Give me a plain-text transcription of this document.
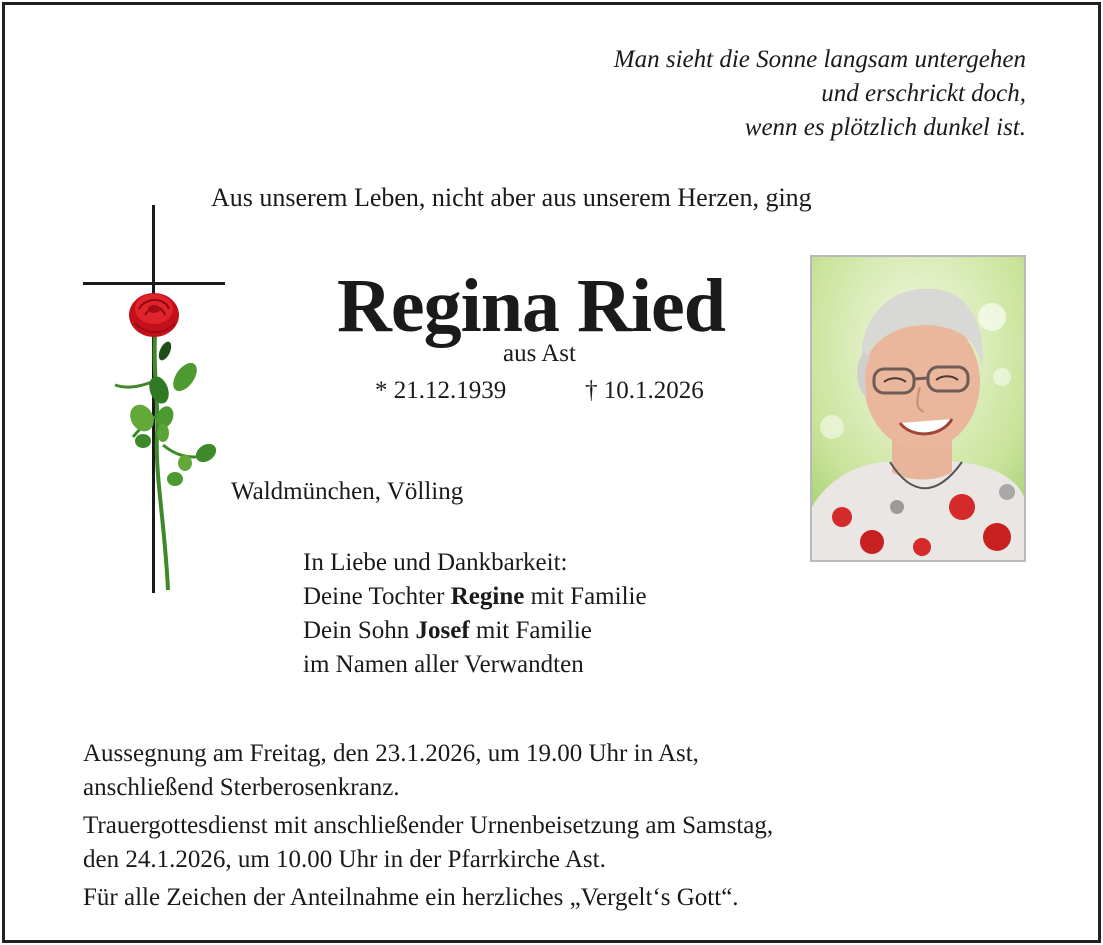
Man sieht die Sonne langsam untergehen
und erschrickt doch,
wenn es plötzlich dunkel ist.
Aus unserem Leben, nicht aber aus unserem Herzen, ging
Regina Ried
aus Ast
* 21.12.1939	† 10.1.2026
Waldmünchen, Völling
In Liebe und Dankbarkeit:
Deine Tochter Regine mit Familie
Dein Sohn Josef mit Familie
im Namen aller Verwandten

Aussegnung am Freitag, den 23.1.2026, um 19.00 Uhr in Ast,
anschließend Sterberosenkranz.

Trauergottesdienst mit anschließender Urnenbeisetzung am Samstag,
den 24.1.2026, um 10.00 Uhr in der Pfarrkirche Ast.

Für alle Zeichen der Anteilnahme ein herzliches „Vergelt‘s Gott“.
